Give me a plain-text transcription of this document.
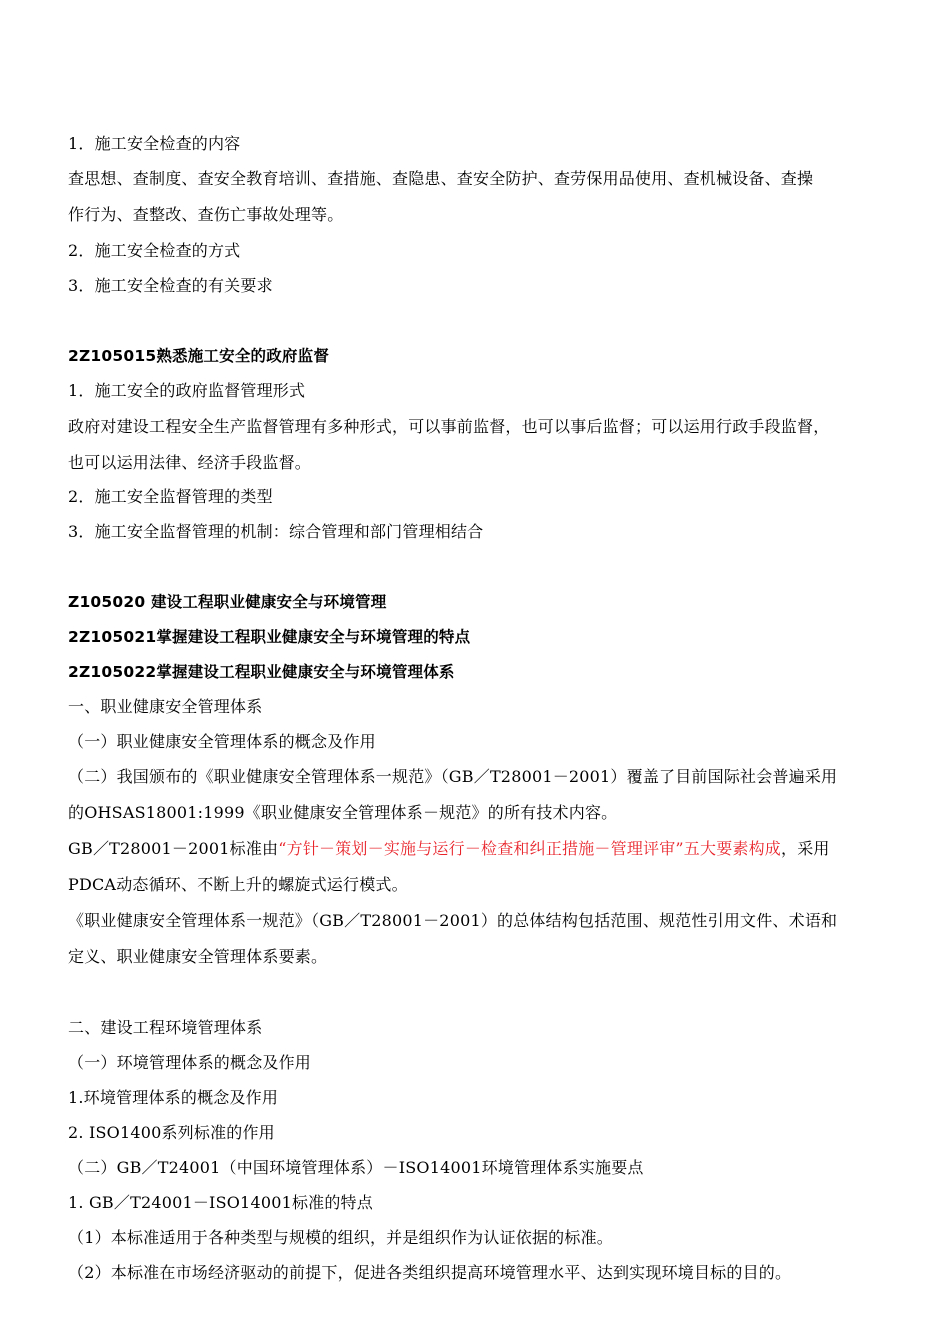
1．施工安全检查的内容
查思想、查制度、查安全教育培训、查措施、查隐患、查安全防护、查劳保用品使用、查机械设备、查操
作行为、查整改、查伤亡事故处理等。
2．施工安全检查的方式
3．施工安全检查的有关要求
2Z105015熟悉施工安全的政府监督
1．施工安全的政府监督管理形式
政府对建设工程安全生产监督管理有多种形式，可以事前监督，也可以事后监督；可以运用行政手段监督，
也可以运用法律、经济手段监督。
2．施工安全监督管理的类型
3．施工安全监督管理的机制：综合管理和部门管理相结合
Z105020 建设工程职业健康安全与环境管理
2Z105021掌握建设工程职业健康安全与环境管理的特点
2Z105022掌握建设工程职业健康安全与环境管理体系
一、职业健康安全管理体系
（一）职业健康安全管理体系的概念及作用
（二）我国颁布的《职业健康安全管理体系一规范》（GB／T28001－2001）覆盖了目前国际社会普遍采用
的OHSAS18001:1999《职业健康安全管理体系－规范》的所有技术内容。
GB／T28001－2001标准由“方针－策划－实施与运行－检查和纠正措施－管理评审”五大要素构成，采用
PDCA动态循环、不断上升的螺旋式运行模式。
《职业健康安全管理体系一规范》（GB／T28001－2001）的总体结构包括范围、规范性引用文件、术语和
定义、职业健康安全管理体系要素。
二、建设工程环境管理体系
（一）环境管理体系的概念及作用
1.环境管理体系的概念及作用
2. ISO1400系列标准的作用
（二）GB／T24001（中国环境管理体系）－ISO14001环境管理体系实施要点
1. GB／T24001－ISO14001标准的特点
（1）本标准适用于各种类型与规模的组织，并是组织作为认证依据的标准。
（2）本标准在市场经济驱动的前提下，促进各类组织提高环境管理水平、达到实现环境目标的目的。
